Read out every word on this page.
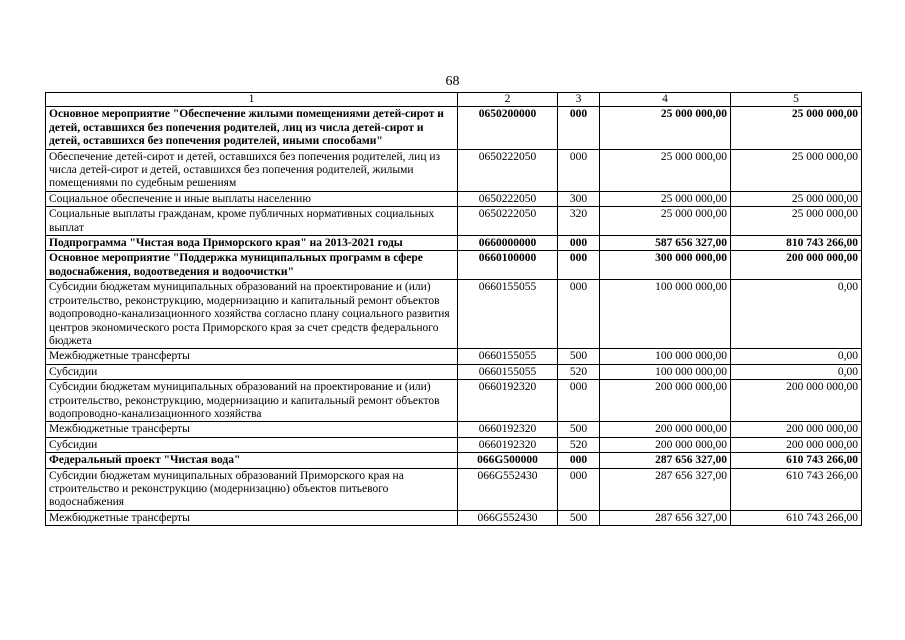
68
1	2	3	4	5
Основное мероприятие "Обеспечение жилыми помещениями детей-сирот и детей, оставшихся без попечения родителей, лиц из числа детей-сирот и детей, оставшихся без попечения родителей, иными способами"	0650200000	000	25 000 000,00	25 000 000,00
Обеспечение детей-сирот и детей, оставшихся без попечения родителей, лиц из числа детей-сирот и детей, оставшихся без попечения родителей, жилыми помещениями по судебным решениям	0650222050	000	25 000 000,00	25 000 000,00
Социальное обеспечение и иные выплаты населению	0650222050	300	25 000 000,00	25 000 000,00
Социальные выплаты гражданам, кроме публичных нормативных социальных выплат	0650222050	320	25 000 000,00	25 000 000,00
Подпрограмма "Чистая вода Приморского края" на 2013-2021 годы	0660000000	000	587 656 327,00	810 743 266,00
Основное мероприятие "Поддержка муниципальных программ в сфере водоснабжения, водоотведения и водоочистки"	0660100000	000	300 000 000,00	200 000 000,00
Субсидии бюджетам муниципальных образований на проектирование и (или) строительство, реконструкцию, модернизацию и капитальный ремонт объектов водопроводно-канализационного хозяйства согласно плану социального развития центров экономического роста Приморского края за счет средств федерального бюджета	0660155055	000	100 000 000,00	0,00
Межбюджетные трансферты	0660155055	500	100 000 000,00	0,00
Субсидии	0660155055	520	100 000 000,00	0,00
Субсидии бюджетам муниципальных образований на проектирование и (или) строительство, реконструкцию, модернизацию и капитальный ремонт объектов водопроводно-канализационного хозяйства	0660192320	000	200 000 000,00	200 000 000,00
Межбюджетные трансферты	0660192320	500	200 000 000,00	200 000 000,00
Субсидии	0660192320	520	200 000 000,00	200 000 000,00
Федеральный проект "Чистая вода"	066G500000	000	287 656 327,00	610 743 266,00
Субсидии бюджетам муниципальных образований Приморского края на строительство и реконструкцию (модернизацию) объектов питьевого водоснабжения	066G552430	000	287 656 327,00	610 743 266,00
Межбюджетные трансферты	066G552430	500	287 656 327,00	610 743 266,00
